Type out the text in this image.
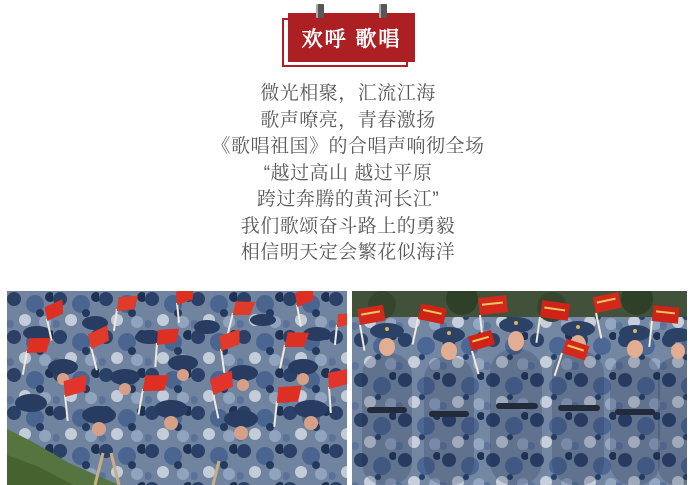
欢呼 歌唱

微光相聚，汇流江海

歌声嘹亮，青春激扬

《歌唱祖国》的合唱声响彻全场

“越过高山 越过平原

跨过奔腾的黄河长江”

我们歌颂奋斗路上的勇毅

相信明天定会繁花似海洋
